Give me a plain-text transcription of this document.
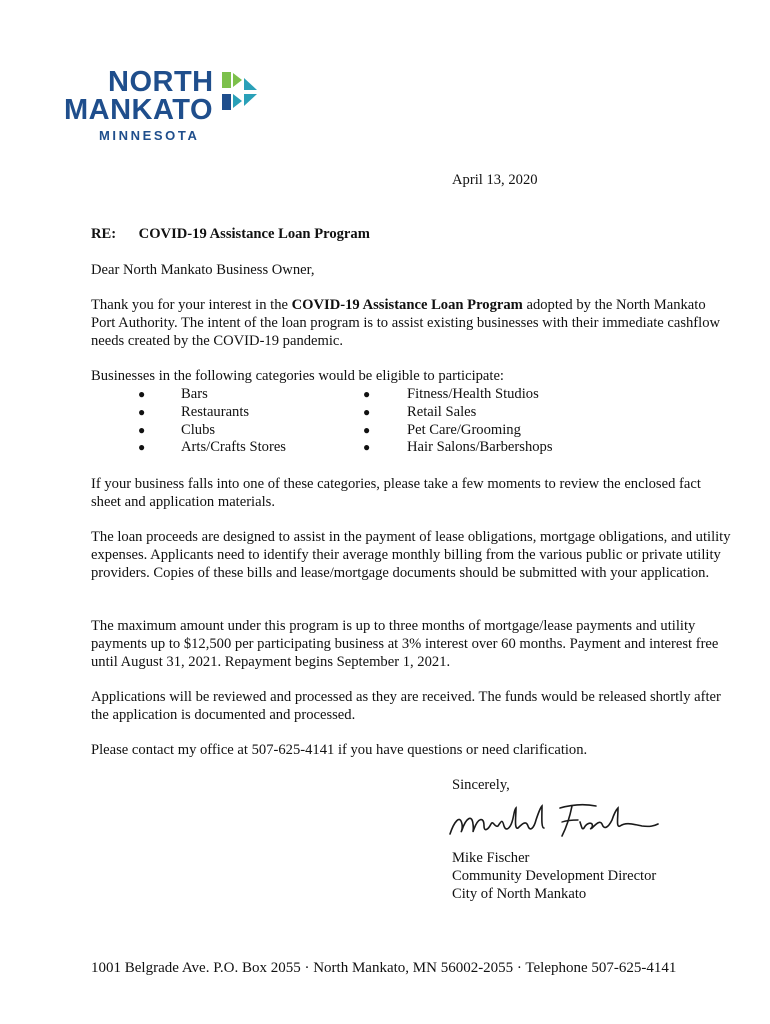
NORTH
MANKATO
MINNESOTA
April 13, 2020
RE: COVID-19 Assistance Loan Program
Dear North Mankato Business Owner,
Thank you for your interest in the COVID-19 Assistance Loan Program adopted by the North Mankato Port Authority. The intent of the loan program is to assist existing businesses with their immediate cashflow needs created by the COVID-19 pandemic.
Businesses in the following categories would be eligible to participate:
● Bars	●	Fitness/Health Studios
● Restaurants	●	Retail Sales
● Clubs	●	Pet Care/Grooming
● Arts/Crafts Stores	●	Hair Salons/Barbershops
If your business falls into one of these categories, please take a few moments to review the enclosed fact sheet and application materials.
The loan proceeds are designed to assist in the payment of lease obligations, mortgage obligations, and utility expenses. Applicants need to identify their average monthly billing from the various public or private utility providers. Copies of these bills and lease/mortgage documents should be submitted with your application.
The maximum amount under this program is up to three months of mortgage/lease payments and utility payments up to $12,500 per participating business at 3% interest over 60 months. Payment and interest free until August 31, 2021. Repayment begins September 1, 2021.
Applications will be reviewed and processed as they are received. The funds would be released shortly after the application is documented and processed.
Please contact my office at 507-625-4141 if you have questions or need clarification.
Sincerely,
Mike Fischer
Community Development Director
City of North Mankato
1001 Belgrade Ave. P.O. Box 2055 · North Mankato, MN 56002-2055 · Telephone 507-625-4141
